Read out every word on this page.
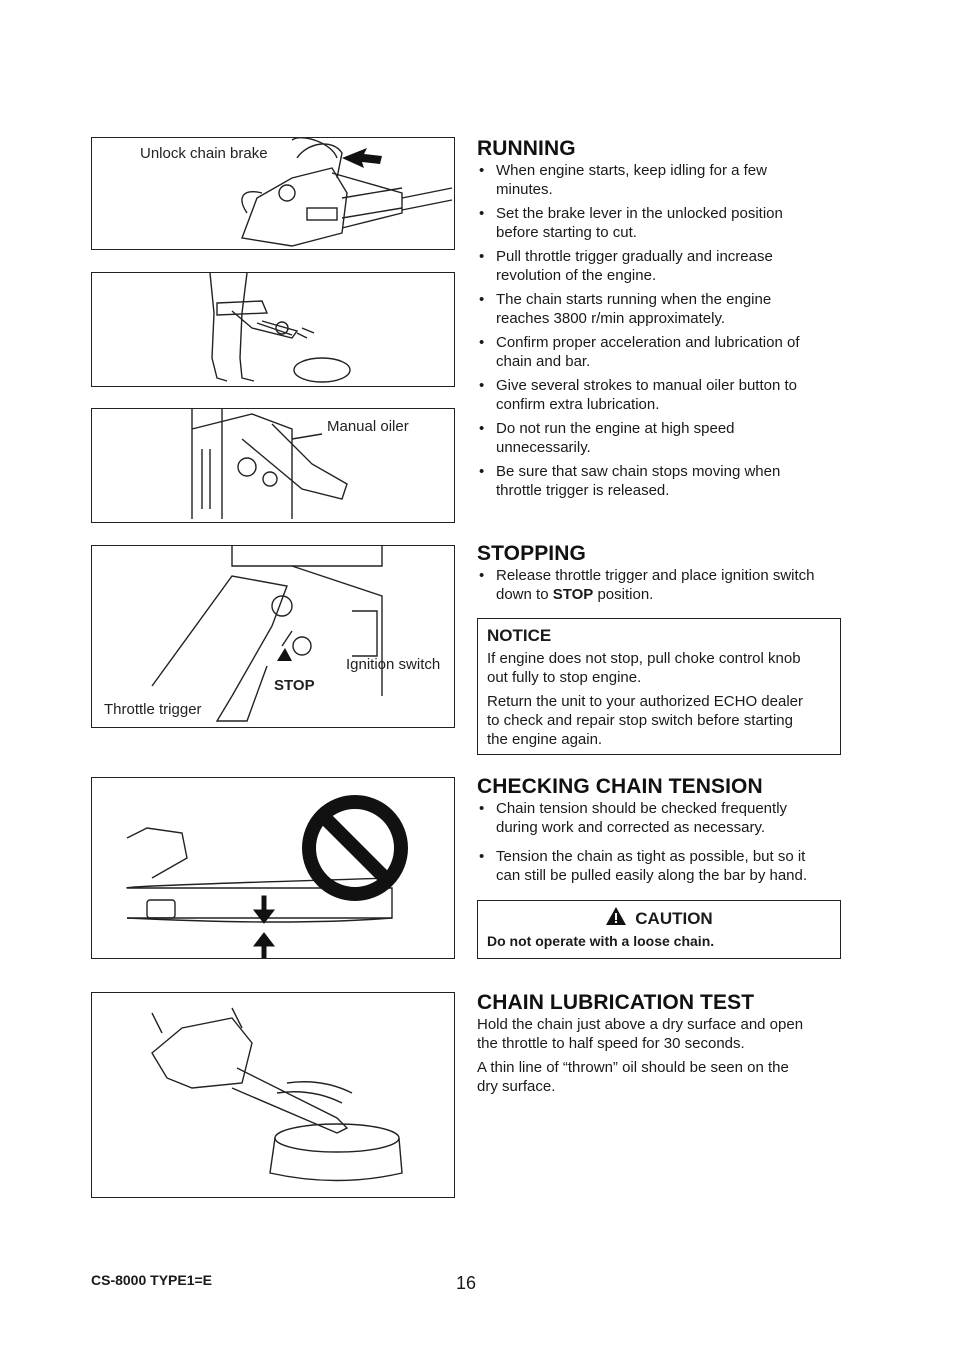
Unlock chain brake
Manual oiler
Ignition switch
STOP
Throttle trigger
RUNNING
• When engine starts, keep idling for a few
minutes.
• Set the brake lever in the unlocked position
before starting to cut.
• Pull throttle trigger gradually and increase
revolution of the engine.
• The chain starts running when the engine
reaches 3800 r/min approximately.
• Confirm proper acceleration and lubrication of
chain and bar.
• Give several strokes to manual oiler button to
confirm extra lubrication.
• Do not run the engine at high speed
unnecessarily.
• Be sure that saw chain stops moving when
throttle trigger is released.
STOPPING
• Release throttle trigger and place ignition switch
down to STOP position.
NOTICE

If engine does not stop, pull choke control knob
out fully to stop engine.

Return the unit to your authorized ECHO dealer
to check and repair stop switch before starting
the engine again.

CHECKING CHAIN TENSION
• Chain tension should be checked frequently
during work and corrected as necessary.
• Tension the chain as tight as possible, but so it
can still be pulled easily along the bar by hand.
CAUTION
Do not operate with a loose chain.
CHAIN LUBRICATION TEST

Hold the chain just above a dry surface and open
the throttle to half speed for 30 seconds.

A thin line of “thrown” oil should be seen on the
dry surface.

CS-8000 TYPE1=E	16
